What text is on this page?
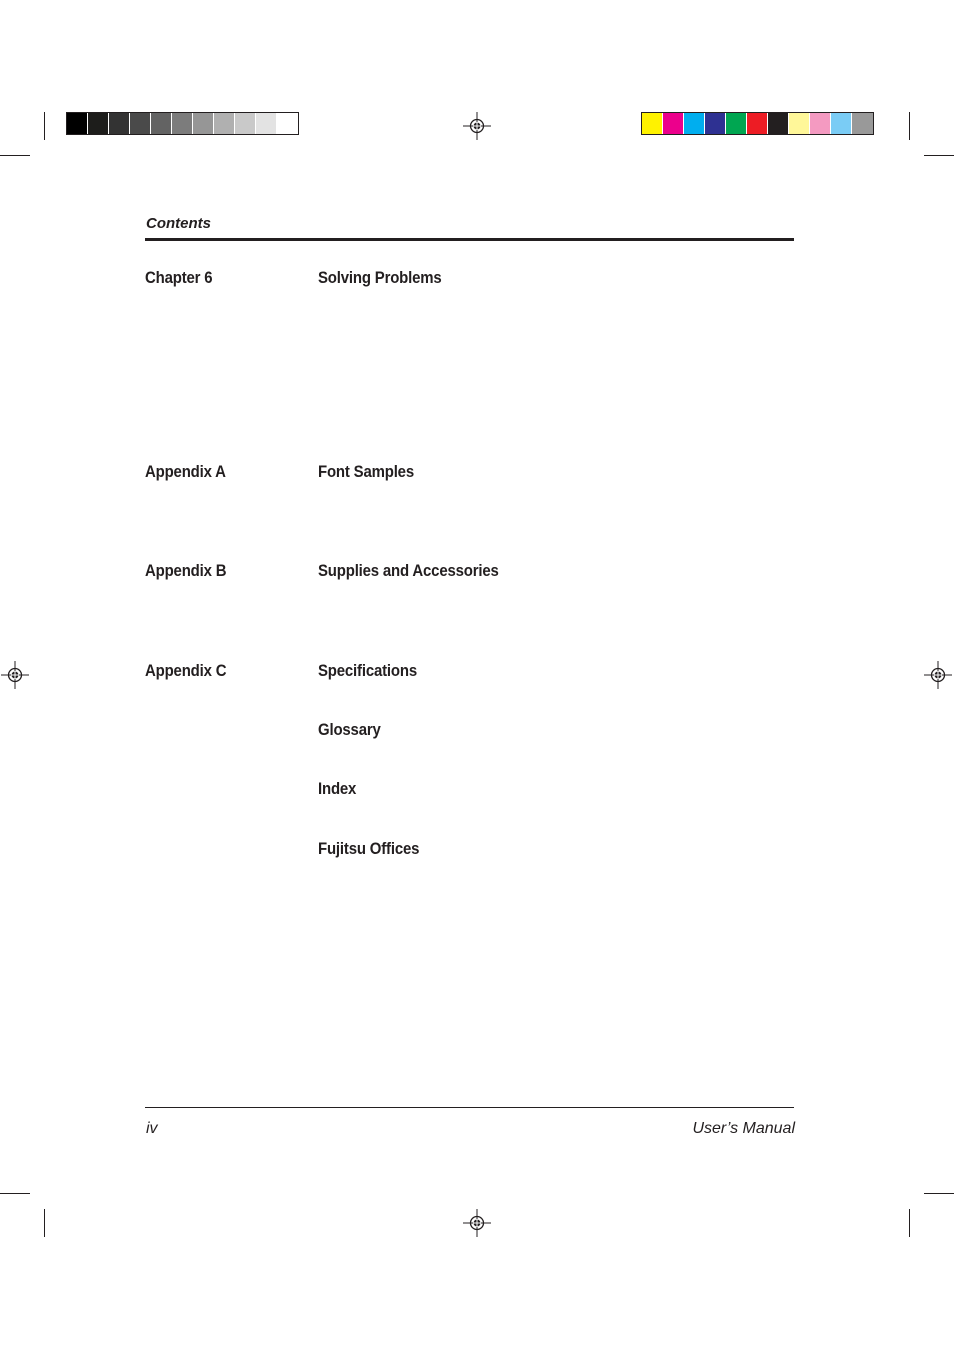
Contents
Chapter 6	Solving Problems
Appendix A	Font Samples
Appendix B	Supplies and Accessories
Appendix C	Specifications
Glossary
Index
Fujitsu Offices
iv	User’s Manual
